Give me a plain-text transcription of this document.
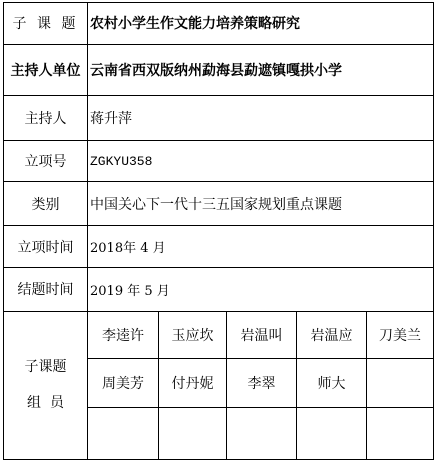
子 课 题	农村小学生作文能力培养策略研究				
主持人单位	云南省西双版纳州勐海县勐遮镇嘎拱小学				
主持人	蒋升萍				
立项号	ZGKYU358				
类别	中国关心下一代十三五国家规划重点课题				
立项时间	2018年 4 月				
结题时间	2019 年 5 月				

子课题
组  员	李逵许	玉应坎	岩温叫	岩温应	刀美兰
	周美芳	付丹妮	李翠	师大	
